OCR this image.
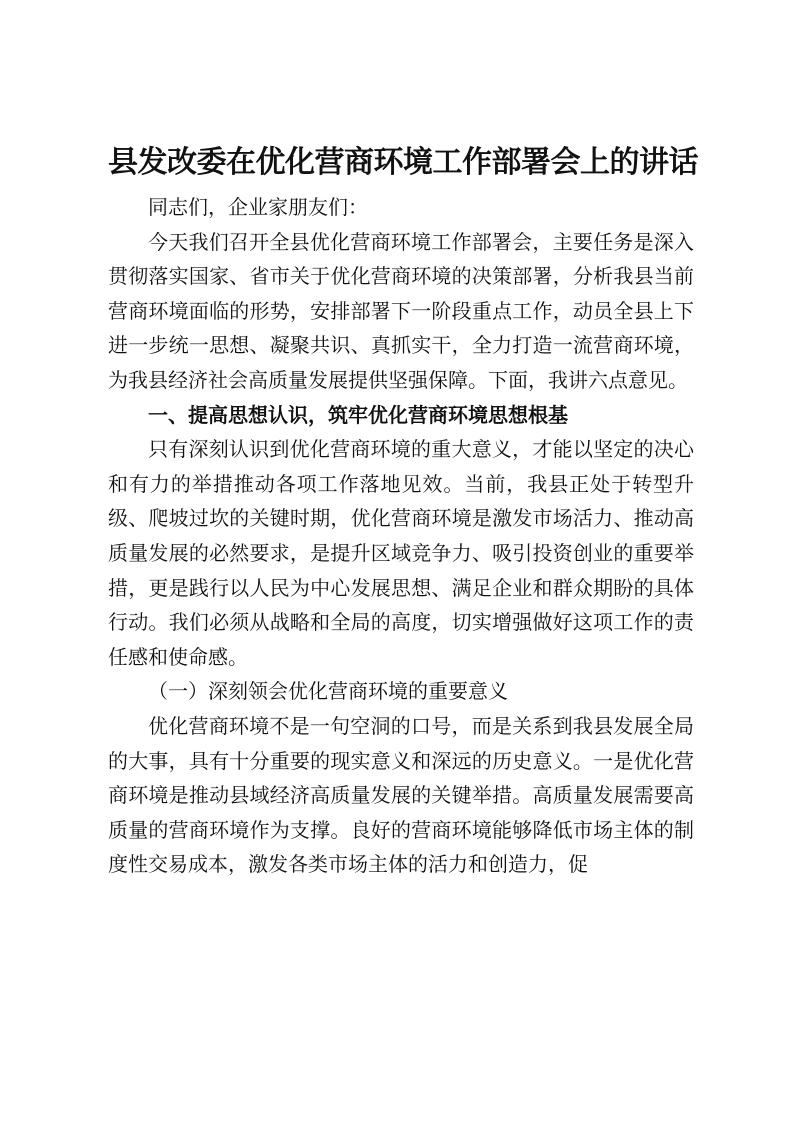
县发改委在优化营商环境工作部署会上的讲话

同志们，企业家朋友们：

今天我们召开全县优化营商环境工作部署会，主要任务是深入贯彻落实国家、省市关于优化营商环境的决策部署，分析我县当前营商环境面临的形势，安排部署下一阶段重点工作，动员全县上下进一步统一思想、凝聚共识、真抓实干，全力打造一流营商环境，为我县经济社会高质量发展提供坚强保障。下面，我讲六点意见。

一、提高思想认识，筑牢优化营商环境思想根基

只有深刻认识到优化营商环境的重大意义，才能以坚定的决心和有力的举措推动各项工作落地见效。当前，我县正处于转型升级、爬坡过坎的关键时期，优化营商环境是激发市场活力、推动高质量发展的必然要求，是提升区域竞争力、吸引投资创业的重要举措，更是践行以人民为中心发展思想、满足企业和群众期盼的具体行动。我们必须从战略和全局的高度，切实增强做好这项工作的责任感和使命感。

（一）深刻领会优化营商环境的重要意义

优化营商环境不是一句空洞的口号，而是关系到我县发展全局的大事，具有十分重要的现实意义和深远的历史意义。一是优化营商环境是推动县域经济高质量发展的关键举措。高质量发展需要高质量的营商环境作为支撑。良好的营商环境能够降低市场主体的制度性交易成本，激发各类市场主体的活力和创造力，促
